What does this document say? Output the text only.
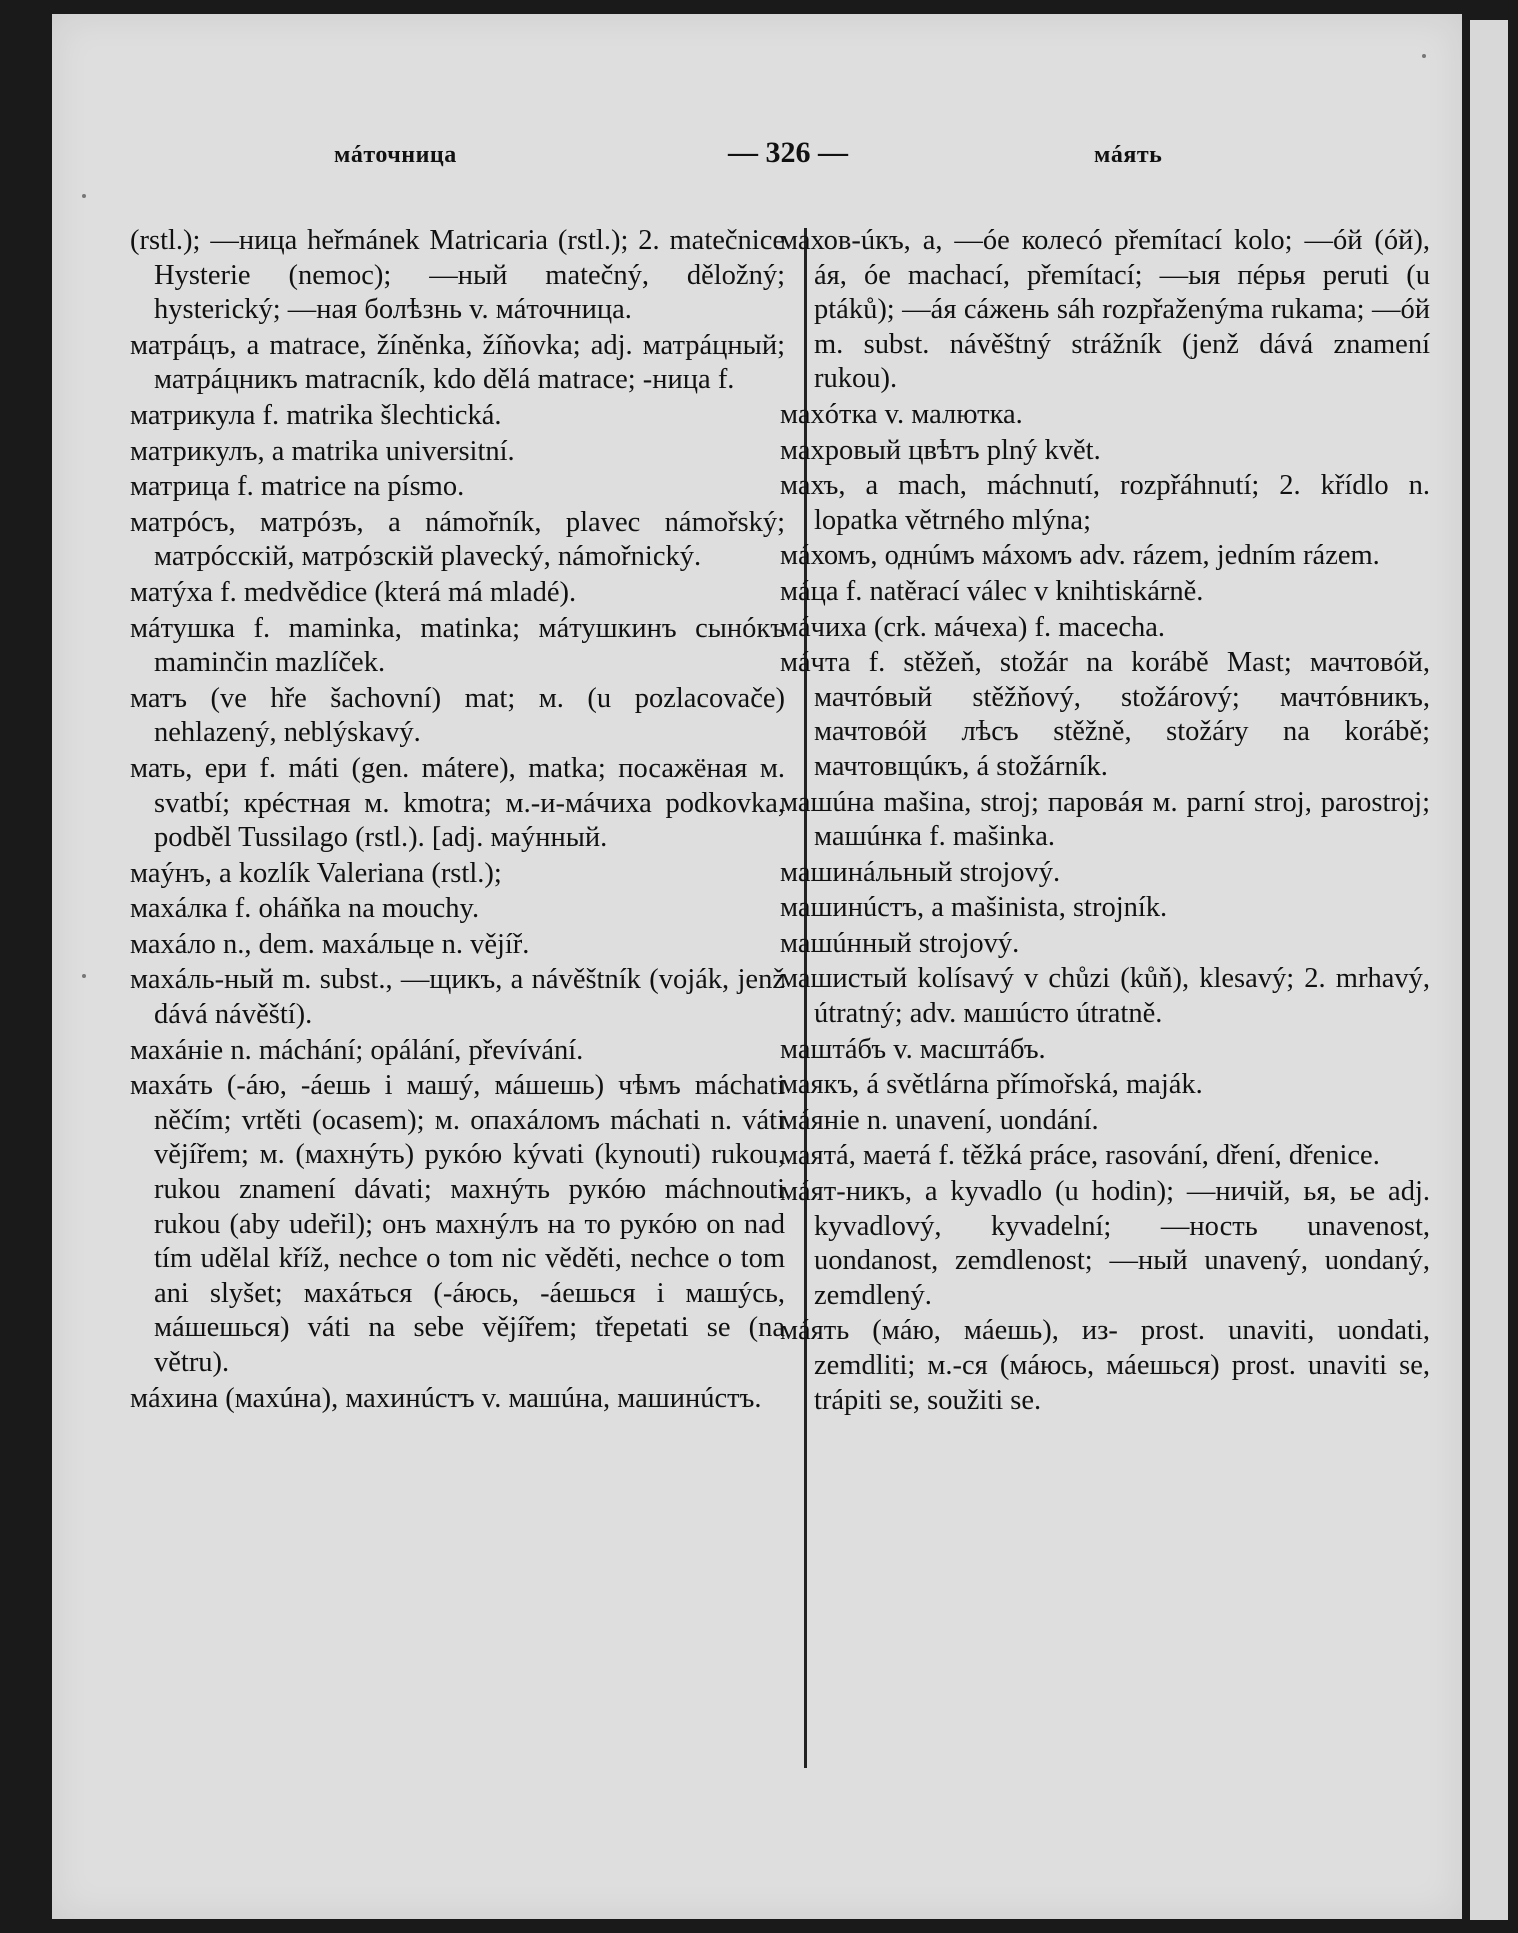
мáточница	— 326 —	мáять

(rstl.); —ница heřmánek Matricaria (rstl.); 2. matečnice Hysterie (nemoc); —ный matečný, děložný; hysterický; —ная болѣзнь v. мáточница.

матрáцъ, а matrace, žíněnka, žíňovka; adj. матрáцный; матрáцникъ matracník, kdo dělá matrace; -ница f.

матрикула f. matrika šlechtická.

матрикулъ, а matrika universitní.

матрица f. matrice na písmo.

матрóсъ, матрóзъ, а námořník, plavec námořský; матрóсскій, матрóзскій plavecký, námořnický.

матýха f. medvědice (která má mladé).

мáтушка f. maminka, matinka; мáтушкинъ сынóкъ maminčin mazlíček.

матъ (ve hře šachovní) mat; м. (u pozlacovače) nehlazený, neblýskavý.

мать, ери f. máti (gen. mátere), matka; посажёная м. svatbí; крéстная м. kmotra; м.-и-мáчиха podkovka, podběl Tussilago (rstl.). [adj. маýнный.

маýнъ, а kozlík Valeriana (rstl.);

махáлка f. oháňka na mouchy.

махáло n., dem. махáльце n. vějíř.

махáль-ный m. subst., —щикъ, а návěštník (voják, jenž dává návěští).

махáніе n. máchání; opálání, převívání.

махáть (-áю, -áешь i машý, мáшешь) чѣмъ máchati něčím; vrtěti (ocasem); м. опахáломъ máchati n. váti vějířem; м. (махнýть) рукóю kývati (kynouti) rukou, rukou znamení dávati; махнýть рукóю máchnouti rukou (aby udeřil); онъ махнýлъ на то рукóю on nad tím udělal kříž, nechce o tom nic věděti, nechce o tom ani slyšet; махáться (-áюсь, -áешься i машýсь, мáшешься) váti na sebe vějířem; třepetati se (na větru).

мáхина (махúна), махинúстъ v. машúна, машинúстъ.

махов-úкъ, а, —óе колесó přemítací kolo; —óй (óй), áя, óе machací, přemítací; —ыя пéрья peruti (u ptáků); —áя сáжень sáh rozpřaženýma rukama; —óй m. subst. návěštný strážník (jenž dává znamení rukou).

махóтка v. малютка.

махровый цвѣтъ plný květ.

махъ, а mach, máchnutí, rozpřáhnutí; 2. křídlo n. lopatka větrného mlýna;

мáхомъ, однúмъ мáхомъ adv. rázem, jedním rázem.

мáца f. natěrací válec v knihtiskárně.

мáчиха (crk. мáчеха) f. macecha.

мáчта f. stěžeň, stožár na korábě Mast; мачтовóй, мачтóвый stěžňový, stožárový; мачтóвникъ, мачтовóй лѣсъ stěžně, stožáry na korábě; мачтовщúкъ, á stožárník.

машúна mašina, stroj; паровáя м. parní stroj, parostroj; машúнка f. mašinka.

машинáльный strojový.

машинúстъ, а mašinista, strojník.

машúнный strojový.

машистый kolísavý v chůzi (kůň), klesavý; 2. mrhavý, útratný; adv. машúсто útratně.

маштáбъ v. масштáбъ.

маякъ, á světlárna přímořská, maják.

мáяніе n. unavení, uondání.

маятá, маетá f. těžká práce, rasování, dření, dřenice.

мáят-никъ, а kyvadlo (u hodin); —ничій, ья, ье adj. kyvadlový, kyvadelní; —ность unavenost, uondanost, zemdlenost; —ный unavený, uondaný, zemdlený.

мáять (мáю, мáешь), из- prost. unaviti, uondati, zemdliti; м.-ся (мáюсь, мáешься) prost. unaviti se, trápiti se, soužiti se.
